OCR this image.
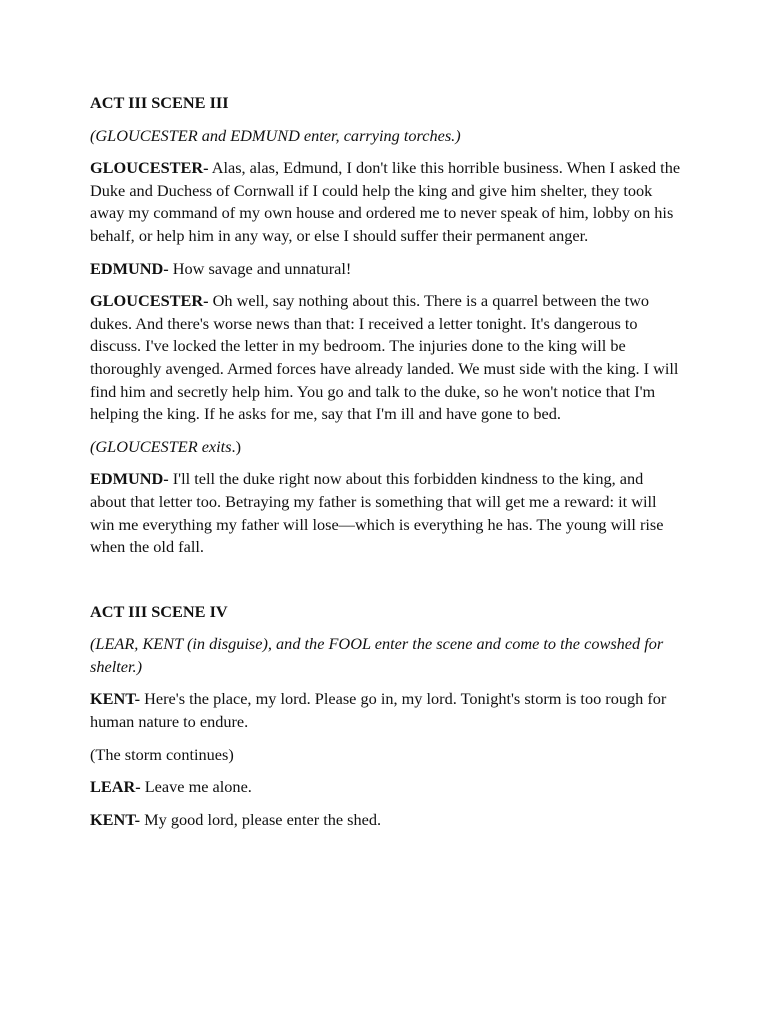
ACT III SCENE III
(GLOUCESTER and EDMUND enter, carrying torches.)
GLOUCESTER- Alas, alas, Edmund, I don't like this horrible business. When I asked the Duke and Duchess of Cornwall if I could help the king and give him shelter, they took away my command of my own house and ordered me to never speak of him, lobby on his behalf, or help him in any way, or else I should suffer their permanent anger.
EDMUND- How savage and unnatural!
GLOUCESTER- Oh well, say nothing about this. There is a quarrel between the two dukes. And there's worse news than that: I received a letter tonight. It's dangerous to discuss. I've locked the letter in my bedroom. The injuries done to the king will be thoroughly avenged. Armed forces have already landed. We must side with the king. I will find him and secretly help him. You go and talk to the duke, so he won't notice that I'm helping the king. If he asks for me, say that I'm ill and have gone to bed.
(GLOUCESTER exits.)
EDMUND- I'll tell the duke right now about this forbidden kindness to the king, and about that letter too. Betraying my father is something that will get me a reward: it will win me everything my father will lose—which is everything he has. The young will rise when the old fall.
ACT III SCENE IV
(LEAR, KENT (in disguise), and the FOOL enter the scene and come to the cowshed for shelter.)
KENT- Here's the place, my lord. Please go in, my lord. Tonight's storm is too rough for human nature to endure.
(The storm continues)
LEAR- Leave me alone.
KENT- My good lord, please enter the shed.
